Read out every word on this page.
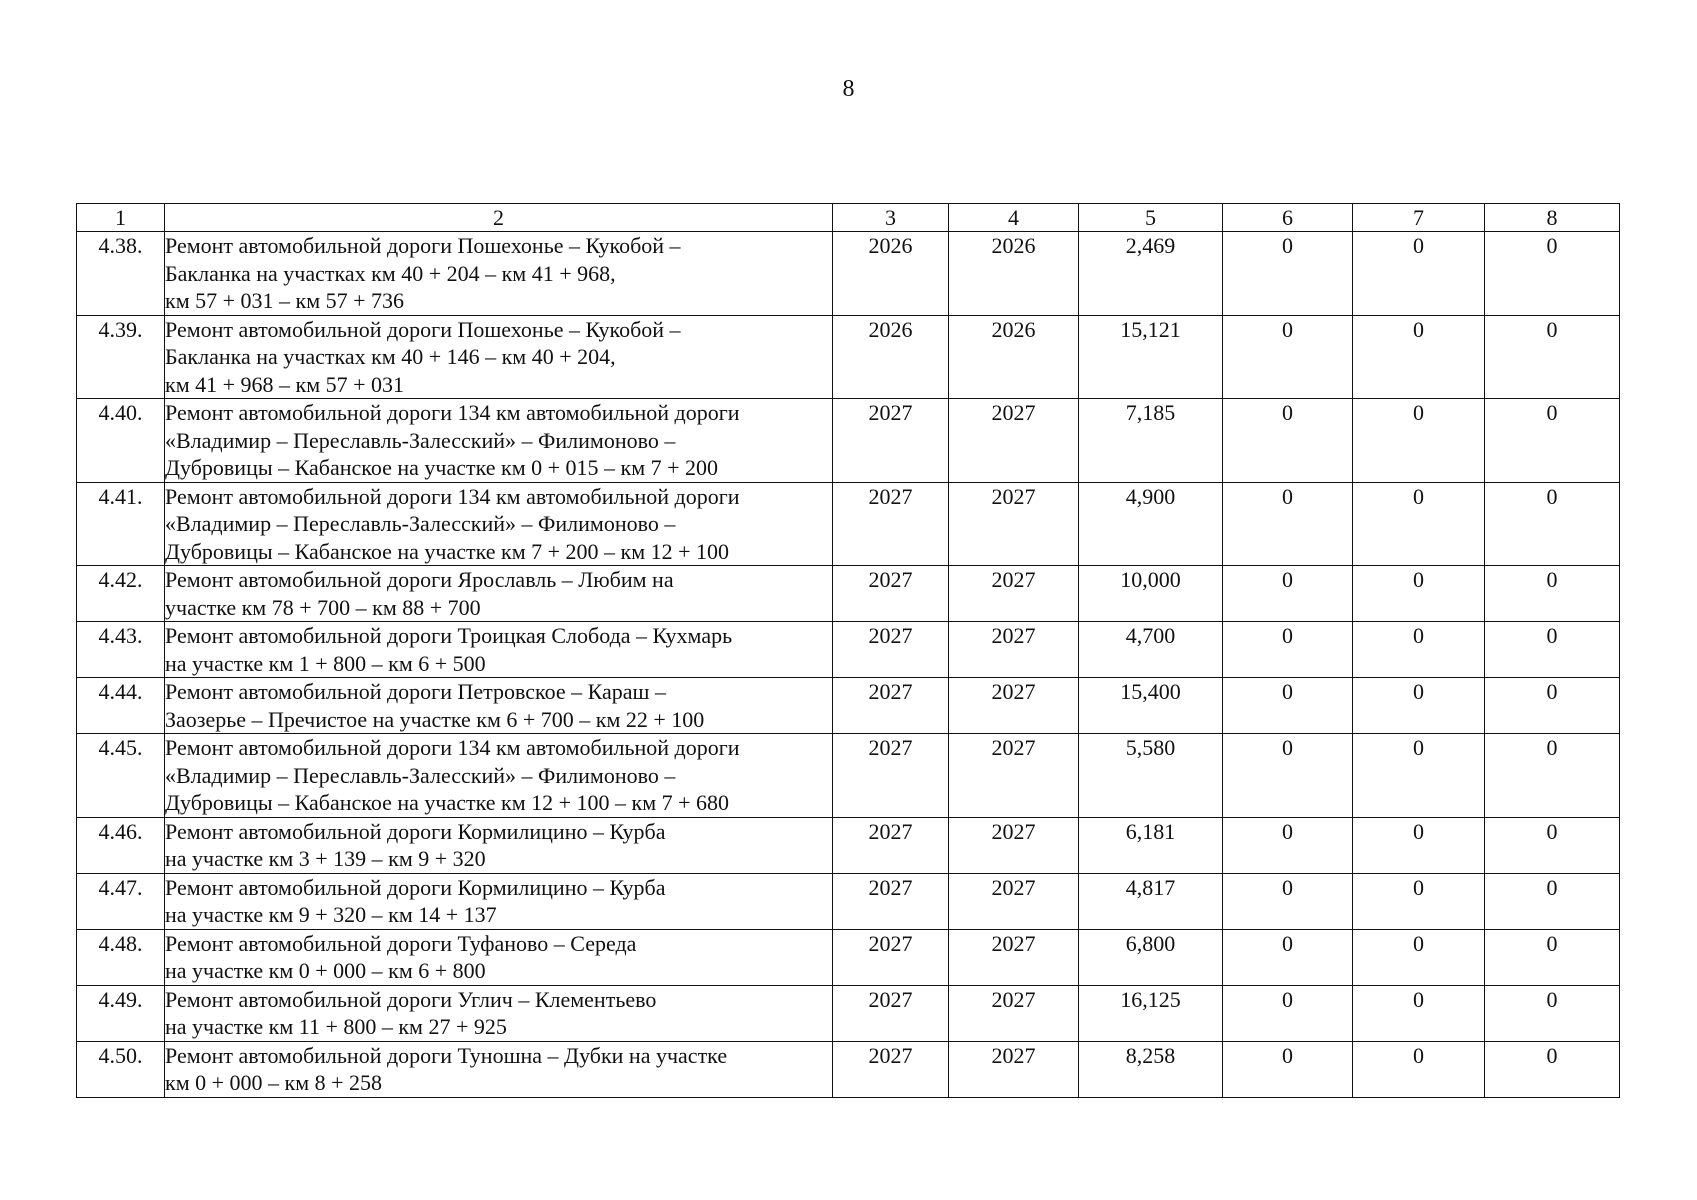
8
1	2	3	4	5	6	7	8
4.38.	Ремонт автомобильной дороги Пошехонье – Кукобой –
Бакланка на участках км 40 + 204 – км 41 + 968,
км 57 + 031 – км 57 + 736	2026	2026	2,469	0	0	0
4.39.	Ремонт автомобильной дороги Пошехонье – Кукобой –
Бакланка на участках км 40 + 146 – км 40 + 204,
км 41 + 968 – км 57 + 031	2026	2026	15,121	0	0	0
4.40.	Ремонт автомобильной дороги 134 км автомобильной дороги
«Владимир – Переславль-Залесский» – Филимоново –
Дубровицы – Кабанское на участке км 0 + 015 – км 7 + 200	2027	2027	7,185	0	0	0
4.41.	Ремонт автомобильной дороги 134 км автомобильной дороги
«Владимир – Переславль-Залесский» – Филимоново –
Дубровицы – Кабанское на участке км 7 + 200 – км 12 + 100	2027	2027	4,900	0	0	0
4.42.	Ремонт автомобильной дороги Ярославль – Любим на
участке км 78 + 700 – км 88 + 700	2027	2027	10,000	0	0	0
4.43.	Ремонт автомобильной дороги Троицкая Слобода – Кухмарь
на участке км 1 + 800 – км 6 + 500	2027	2027	4,700	0	0	0
4.44.	Ремонт автомобильной дороги Петровское – Караш –
Заозерье – Пречистое на участке км 6 + 700 – км 22 + 100	2027	2027	15,400	0	0	0
4.45.	Ремонт автомобильной дороги 134 км автомобильной дороги
«Владимир – Переславль-Залесский» – Филимоново –
Дубровицы – Кабанское на участке км 12 + 100 – км 7 + 680	2027	2027	5,580	0	0	0
4.46.	Ремонт автомобильной дороги Кормилицино – Курба
на участке км 3 + 139 – км 9 + 320	2027	2027	6,181	0	0	0
4.47.	Ремонт автомобильной дороги Кормилицино – Курба
на участке км 9 + 320 – км 14 + 137	2027	2027	4,817	0	0	0
4.48.	Ремонт автомобильной дороги Туфаново – Середа
на участке км 0 + 000 – км 6 + 800	2027	2027	6,800	0	0	0
4.49.	Ремонт автомобильной дороги Углич – Клементьево
на участке км 11 + 800 – км 27 + 925	2027	2027	16,125	0	0	0
4.50.	Ремонт автомобильной дороги Туношна – Дубки на участке
км 0 + 000 – км 8 + 258	2027	2027	8,258	0	0	0
